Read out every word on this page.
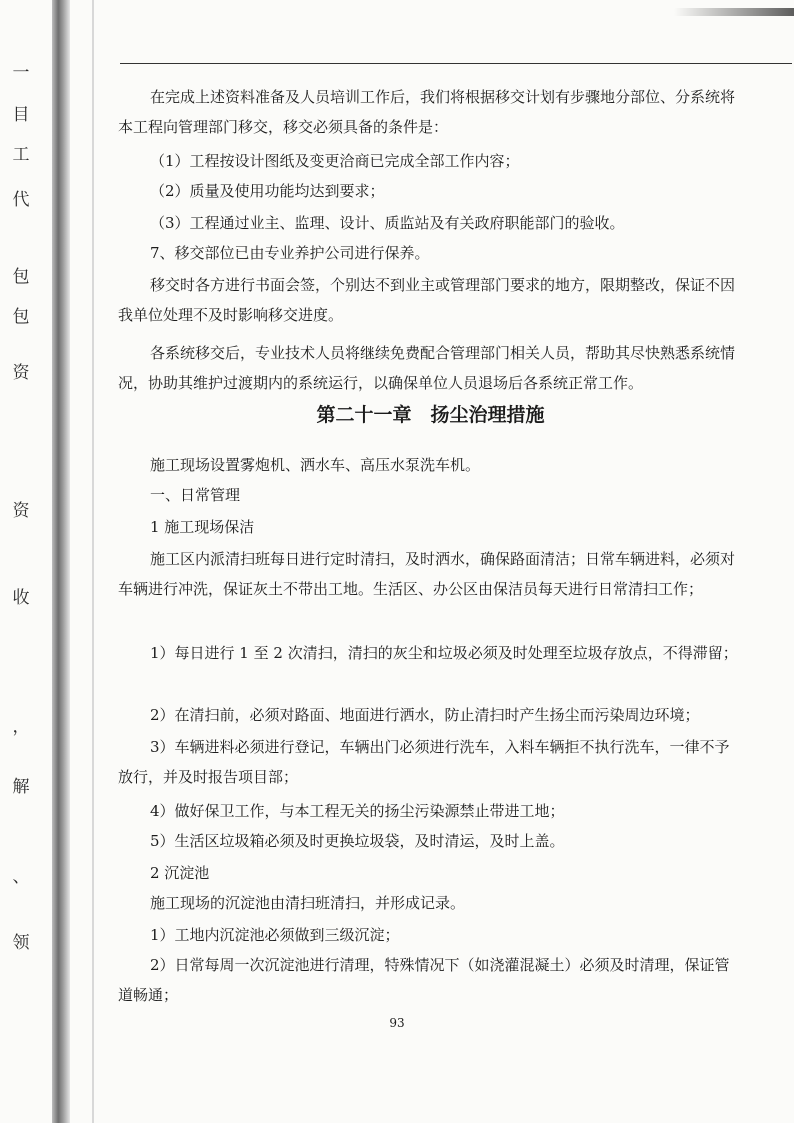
一
目
工
代
包
包
资
资
收
，
解
、
领

在完成上述资料准备及人员培训工作后，我们将根据移交计划有步骤地分部位、分系统将本工程向管理部门移交，移交必须具备的条件是：

（1）工程按设计图纸及变更洽商已完成全部工作内容；

（2）质量及使用功能均达到要求；

（3）工程通过业主、监理、设计、质监站及有关政府职能部门的验收。

7、移交部位已由专业养护公司进行保养。

移交时各方进行书面会签，个别达不到业主或管理部门要求的地方，限期整改，保证不因我单位处理不及时影响移交进度。

各系统移交后，专业技术人员将继续免费配合管理部门相关人员，帮助其尽快熟悉系统情况，协助其维护过渡期内的系统运行，以确保单位人员退场后各系统正常工作。

第二十一章　扬尘治理措施

施工现场设置雾炮机、洒水车、高压水泵洗车机。

一、日常管理

1 施工现场保洁

施工区内派清扫班每日进行定时清扫，及时洒水，确保路面清洁；日常车辆进料，必须对车辆进行冲洗，保证灰土不带出工地。生活区、办公区由保洁员每天进行日常清扫工作；

1）每日进行 1 至 2 次清扫，清扫的灰尘和垃圾必须及时处理至垃圾存放点，不得滞留；

2）在清扫前，必须对路面、地面进行洒水，防止清扫时产生扬尘而污染周边环境；

3）车辆进料必须进行登记，车辆出门必须进行洗车，入料车辆拒不执行洗车，一律不予放行，并及时报告项目部；

4）做好保卫工作，与本工程无关的扬尘污染源禁止带进工地；

5）生活区垃圾箱必须及时更换垃圾袋，及时清运，及时上盖。

2 沉淀池

施工现场的沉淀池由清扫班清扫，并形成记录。

1）工地内沉淀池必须做到三级沉淀；

2）日常每周一次沉淀池进行清理，特殊情况下（如浇灌混凝土）必须及时清理，保证管道畅通；

93
